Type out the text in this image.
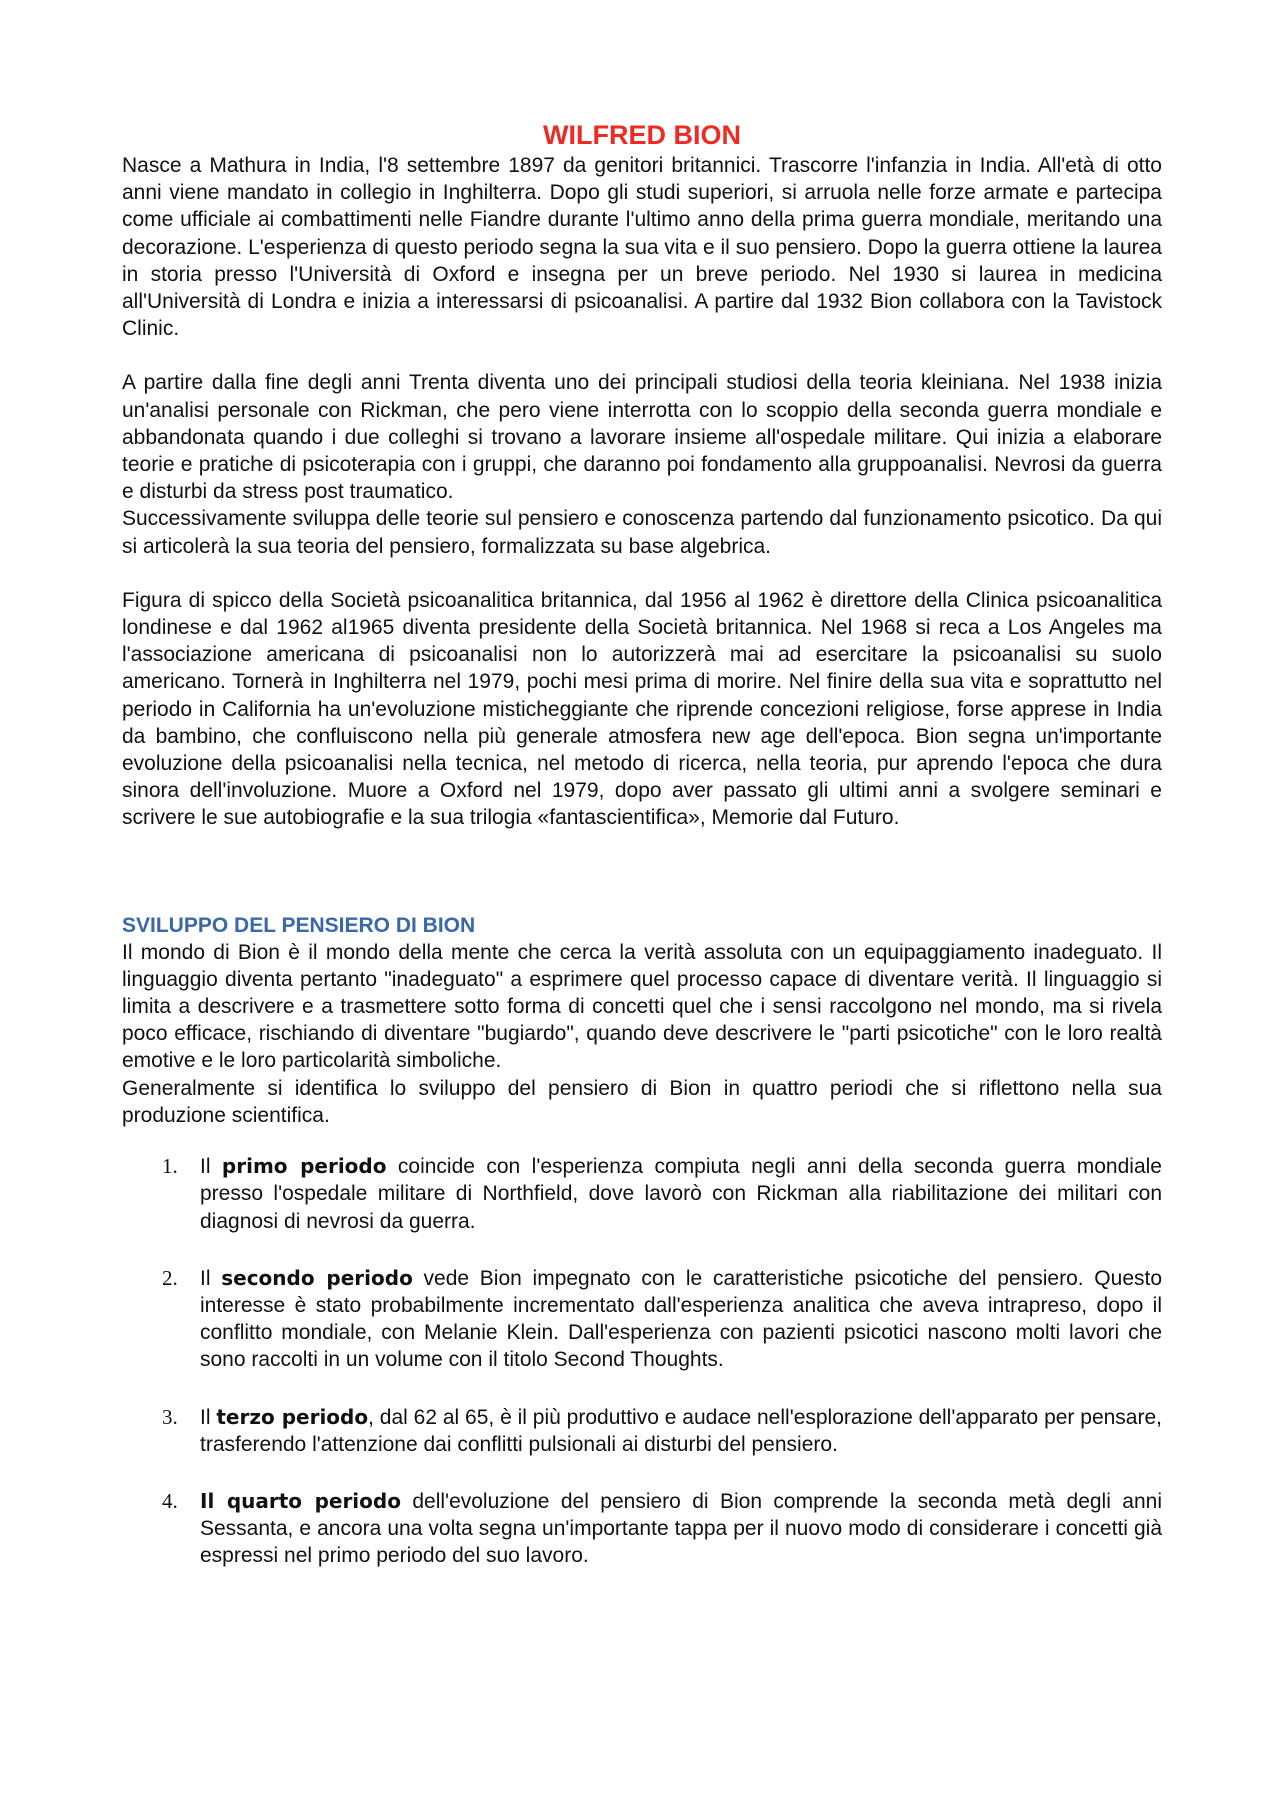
WILFRED BION

Nasce a Mathura in India, l'8 settembre 1897 da genitori britannici. Trascorre l'infanzia in India. All'età di otto anni viene mandato in collegio in Inghilterra. Dopo gli studi superiori, si arruola nelle forze armate e partecipa come ufficiale ai combattimenti nelle Fiandre durante l'ultimo anno della prima guerra mondiale, meritando una decorazione. L'esperienza di questo periodo segna la sua vita e il suo pensiero. Dopo la guerra ottiene la laurea in storia presso l'Università di Oxford e insegna per un breve periodo. Nel 1930 si laurea in medicina all'Università di Londra e inizia a interessarsi di psicoanalisi. A partire dal 1932 Bion collabora con la Tavistock Clinic.

A partire dalla fine degli anni Trenta diventa uno dei principali studiosi della teoria kleiniana. Nel 1938 inizia un'analisi personale con Rickman, che pero viene interrotta con lo scoppio della seconda guerra mondiale e abbandonata quando i due colleghi si trovano a lavorare insieme all'ospedale militare. Qui inizia a elaborare teorie e pratiche di psicoterapia con i gruppi, che daranno poi fondamento alla gruppoanalisi. Nevrosi da guerra e disturbi da stress post traumatico.

Successivamente sviluppa delle teorie sul pensiero e conoscenza partendo dal funzionamento psicotico. Da qui si articolerà la sua teoria del pensiero, formalizzata su base algebrica.

Figura di spicco della Società psicoanalitica britannica, dal 1956 al 1962 è direttore della Clinica psicoanalitica londinese e dal 1962 al1965 diventa presidente della Società britannica. Nel 1968 si reca a Los Angeles ma l'associazione americana di psicoanalisi non lo autorizzerà mai ad esercitare la psicoanalisi su suolo americano. Tornerà in Inghilterra nel 1979, pochi mesi prima di morire. Nel finire della sua vita e soprattutto nel periodo in California ha un'evoluzione misticheggiante che riprende concezioni religiose, forse apprese in India da bambino, che confluiscono nella più generale atmosfera new age dell'epoca. Bion segna un'importante evoluzione della psicoanalisi nella tecnica, nel metodo di ricerca, nella teoria, pur aprendo l'epoca che dura sinora dell'involuzione. Muore a Oxford nel 1979, dopo aver passato gli ultimi anni a svolgere seminari e scrivere le sue autobiografie e la sua trilogia «fantascientifica», Memorie dal Futuro.

SVILUPPO DEL PENSIERO DI BION

Il mondo di Bion è il mondo della mente che cerca la verità assoluta con un equipaggiamento inadeguato. Il linguaggio diventa pertanto "inadeguato" a esprimere quel processo capace di diventare verità. Il linguaggio si limita a descrivere e a trasmettere sotto forma di concetti quel che i sensi raccolgono nel mondo, ma si rivela poco efficace, rischiando di diventare "bugiardo", quando deve descrivere le "parti psicotiche" con le loro realtà emotive e le loro particolarità simboliche.

Generalmente si identifica lo sviluppo del pensiero di Bion in quattro periodi che si riflettono nella sua produzione scientifica.

1. Il primo periodo coincide con l'esperienza compiuta negli anni della seconda guerra mondiale presso l'ospedale militare di Northfield, dove lavorò con Rickman alla riabilitazione dei militari con diagnosi di nevrosi da guerra.
2. Il secondo periodo vede Bion impegnato con le caratteristiche psicotiche del pensiero. Questo interesse è stato probabilmente incrementato dall'esperienza analitica che aveva intrapreso, dopo il conflitto mondiale, con Melanie Klein. Dall'esperienza con pazienti psicotici nascono molti lavori che sono raccolti in un volume con il titolo Second Thoughts.
3. Il terzo periodo, dal 62 al 65, è il più produttivo e audace nell'esplorazione dell'apparato per pensare, trasferendo l'attenzione dai conflitti pulsionali ai disturbi del pensiero.
4. Il quarto periodo dell'evoluzione del pensiero di Bion comprende la seconda metà degli anni Sessanta, e ancora una volta segna un'importante tappa per il nuovo modo di considerare i concetti già espressi nel primo periodo del suo lavoro.
